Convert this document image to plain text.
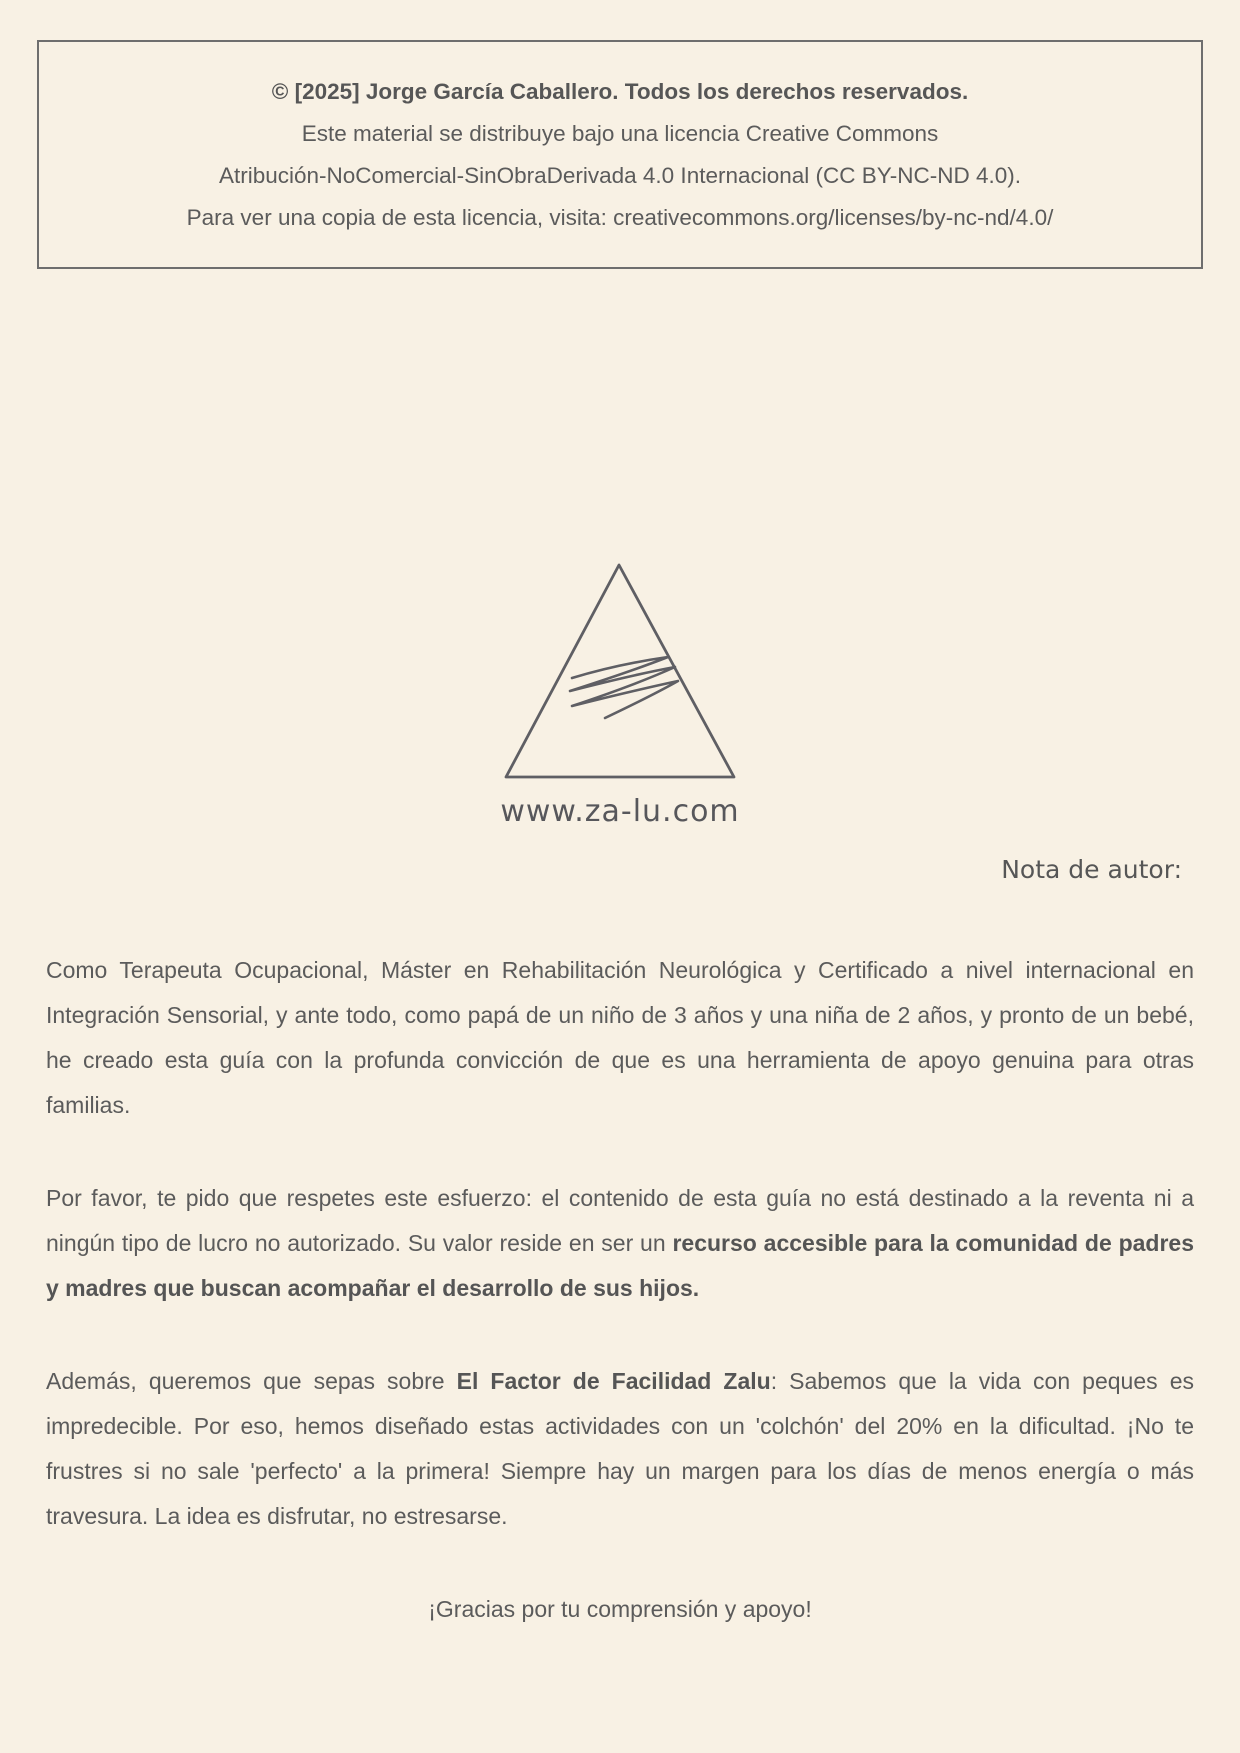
© [2025] Jorge García Caballero. Todos los derechos reservados.
Este material se distribuye bajo una licencia Creative Commons
Atribución-NoComercial-SinObraDerivada 4.0 Internacional (CC BY-NC-ND 4.0).
Para ver una copia de esta licencia, visita: creativecommons.org/licenses/by-nc-nd/4.0/
www.za-lu.com
Nota de autor:

Como Terapeuta Ocupacional, Máster en Rehabilitación Neurológica y Certificado a nivel internacional en Integración Sensorial, y ante todo, como papá de un niño de 3 años y una niña de 2 años, y pronto de un bebé, he creado esta guía con la profunda convicción de que es una herramienta de apoyo genuina para otras familias.

Por favor, te pido que respetes este esfuerzo: el contenido de esta guía no está destinado a la reventa ni a ningún tipo de lucro no autorizado. Su valor reside en ser un recurso accesible para la comunidad de padres y madres que buscan acompañar el desarrollo de sus hijos.

Además, queremos que sepas sobre El Factor de Facilidad Zalu: Sabemos que la vida con peques es impredecible. Por eso, hemos diseñado estas actividades con un 'colchón' del 20% en la dificultad. ¡No te frustres si no sale 'perfecto' a la primera! Siempre hay un margen para los días de menos energía o más travesura. La idea es disfrutar, no estresarse.

¡Gracias por tu comprensión y apoyo!
